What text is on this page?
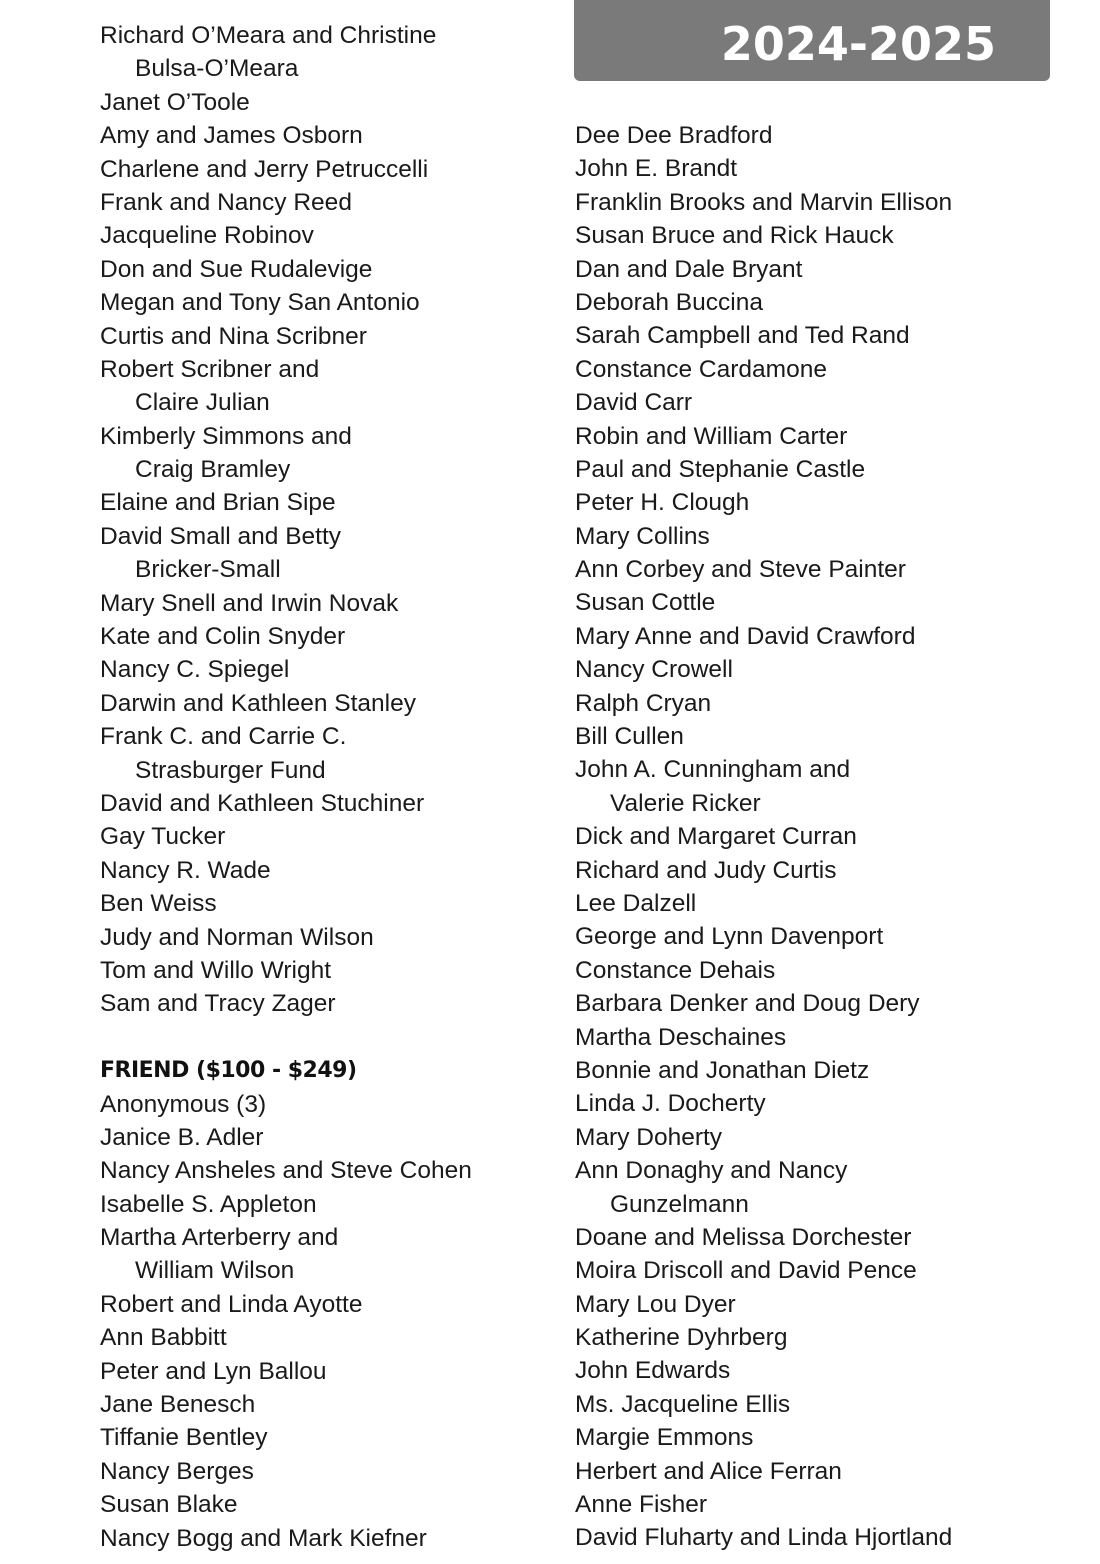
2024-2025
Richard O’Meara and Christine
Bulsa-O’Meara
Janet O’Toole
Amy and James Osborn
Charlene and Jerry Petruccelli
Frank and Nancy Reed
Jacqueline Robinov
Don and Sue Rudalevige
Megan and Tony San Antonio
Curtis and Nina Scribner
Robert Scribner and
Claire Julian
Kimberly Simmons and
Craig Bramley
Elaine and Brian Sipe
David Small and Betty
Bricker-Small
Mary Snell and Irwin Novak
Kate and Colin Snyder
Nancy C. Spiegel
Darwin and Kathleen Stanley
Frank C. and Carrie C.
Strasburger Fund
David and Kathleen Stuchiner
Gay Tucker
Nancy R. Wade
Ben Weiss
Judy and Norman Wilson
Tom and Willo Wright
Sam and Tracy Zager
FRIEND ($100 - $249)
Anonymous (3)
Janice B. Adler
Nancy Ansheles and Steve Cohen
Isabelle S. Appleton
Martha Arterberry and
William Wilson
Robert and Linda Ayotte
Ann Babbitt
Peter and Lyn Ballou
Jane Benesch
Tiffanie Bentley
Nancy Berges
Susan Blake
Nancy Bogg and Mark Kiefner
Dee Dee Bradford
John E. Brandt
Franklin Brooks and Marvin Ellison
Susan Bruce and Rick Hauck
Dan and Dale Bryant
Deborah Buccina
Sarah Campbell and Ted Rand
Constance Cardamone
David Carr
Robin and William Carter
Paul and Stephanie Castle
Peter H. Clough
Mary Collins
Ann Corbey and Steve Painter
Susan Cottle
Mary Anne and David Crawford
Nancy Crowell
Ralph Cryan
Bill Cullen
John A. Cunningham and
Valerie Ricker
Dick and Margaret Curran
Richard and Judy Curtis
Lee Dalzell
George and Lynn Davenport
Constance Dehais
Barbara Denker and Doug Dery
Martha Deschaines
Bonnie and Jonathan Dietz
Linda J. Docherty
Mary Doherty
Ann Donaghy and Nancy
Gunzelmann
Doane and Melissa Dorchester
Moira Driscoll and David Pence
Mary Lou Dyer
Katherine Dyhrberg
John Edwards
Ms. Jacqueline Ellis
Margie Emmons
Herbert and Alice Ferran
Anne Fisher
David Fluharty and Linda Hjortland
